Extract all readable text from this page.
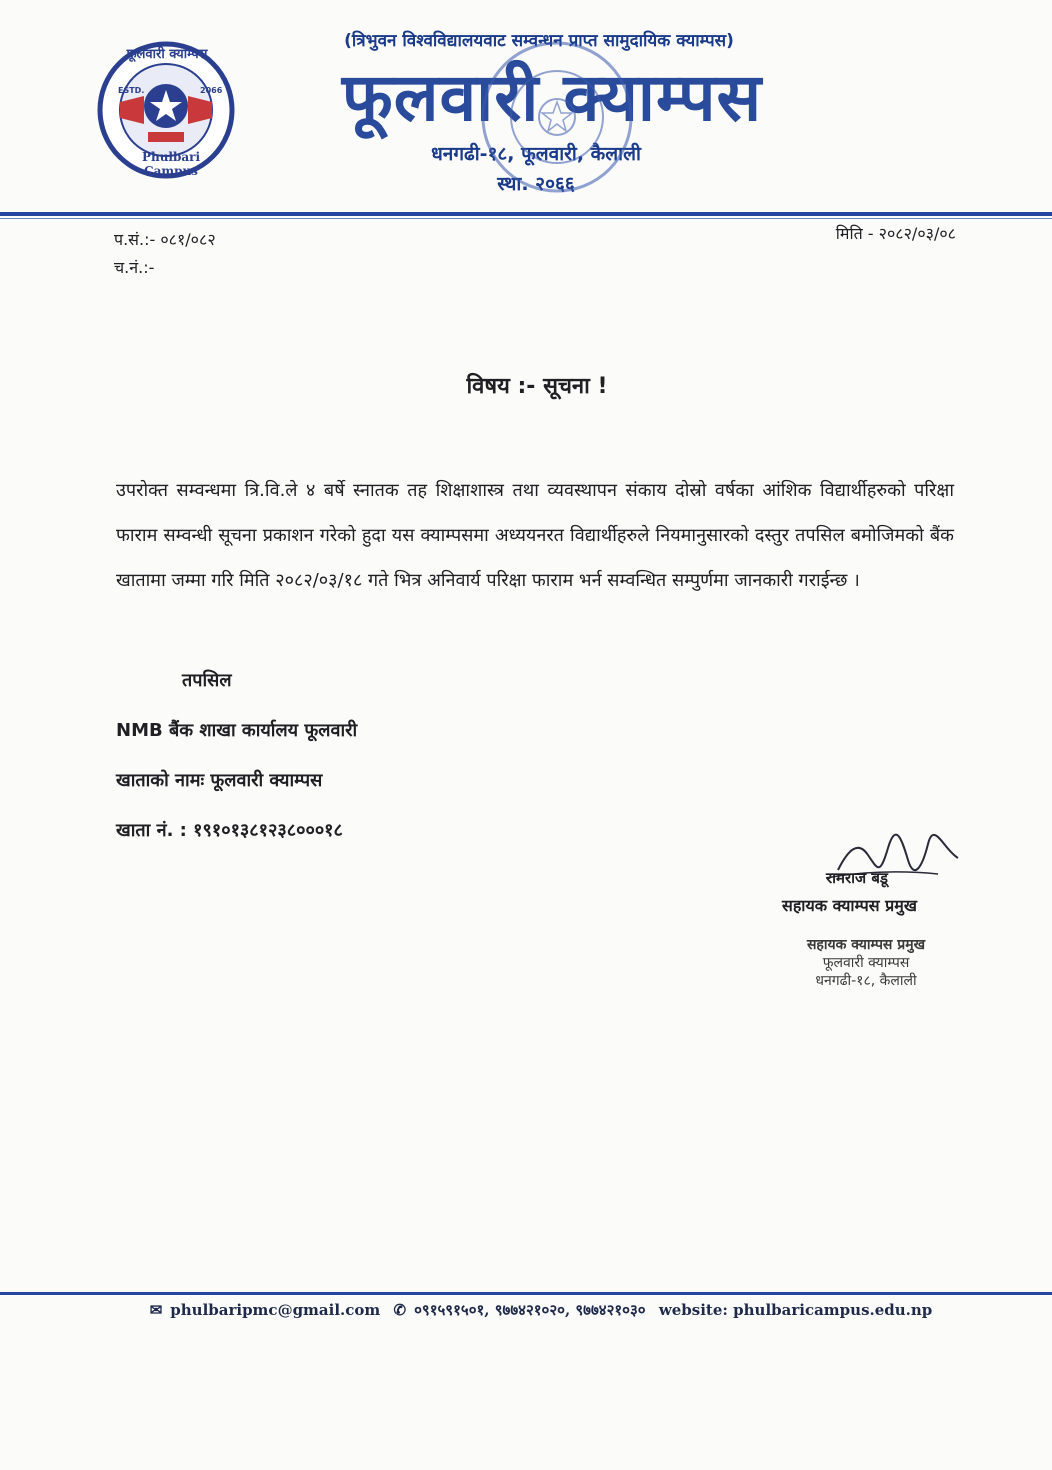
फूलवारी क्याम्पस
ESTD.	2066
Phulbari Campus
(त्रिभुवन विश्वविद्यालयवाट सम्वन्धन प्राप्त सामुदायिक क्याम्पस)
फूलवारी क्याम्पस
धनगढी-१८, फूलवारी, कैलाली
स्था. २०६६
प.सं.:- ०८१/०८२
च.नं.:-
मिति - २०८२/०३/०८
विषय :- सूचना !
उपरोक्त सम्वन्धमा त्रि.वि.ले ४ बर्षे स्नातक तह शिक्षाशास्त्र तथा व्यवस्थापन संकाय दोस्रो वर्षका आंशिक विद्यार्थीहरुको परिक्षा फाराम सम्वन्धी सूचना प्रकाशन गरेको हुदा यस क्याम्पसमा अध्ययनरत विद्यार्थीहरुले नियमानुसारको दस्तुर तपसिल बमोजिमको बैंक खातामा जम्मा गरि मिति २०८२/०३/१८ गते भित्र अनिवार्य परिक्षा फाराम भर्न सम्वन्धित सम्पुर्णमा जानकारी गराईन्छ ।
तपसिल
NMB बैंक शाखा कार्यालय फूलवारी
खाताको नामः फूलवारी क्याम्पस
खाता नं. : १९१०१३८१२३८०००१८
रामराज बडू
सहायक क्याम्पस प्रमुख
सहायक क्याम्पस प्रमुख
फूलवारी क्याम्पस
धनगढी-१८, कैलाली
✉ phulbaripmc@gmail.com ✆ ०९१५९१५०१, ९७७४२१०२०, ९७७४२१०३० website: phulbaricampus.edu.np
